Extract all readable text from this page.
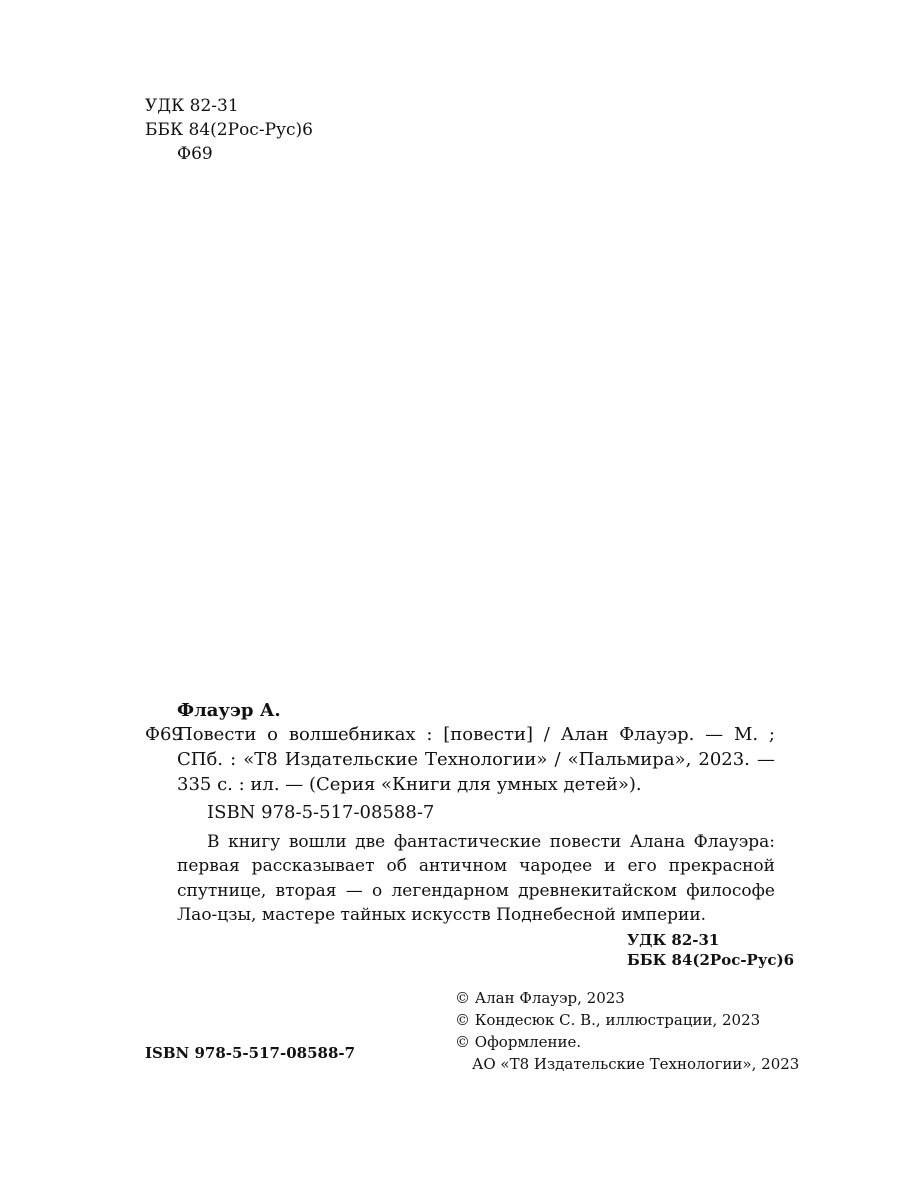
УДК 82-31

ББК 84(2Рос-Рус)6

Ф69

Флауэр А.

Ф69

Повести о волшебниках : [повести] / Алан Флауэр. — М. ;

СПб. : «Т8 Издательские Технологии» / «Пальмира», 2023. —

335 с. : ил. — (Серия «Книги для умных детей»).

ISBN 978-5-517-08588-7

В книгу вошли две фантастические повести Алана Флауэра: первая рассказывает об античном чародее и его прекрасной спутнице, вторая — о легендарном древнекитайском философе Лао-цзы, мастере тайных искусств Поднебесной империи.

УДК 82-31

ББК 84(2Рос-Рус)6

© Алан Флауэр, 2023
© Кондесюк С. В., иллюстрации, 2023
© Оформление.
АО «Т8 Издательские Технологии», 2023

ISBN 978-5-517-08588-7
